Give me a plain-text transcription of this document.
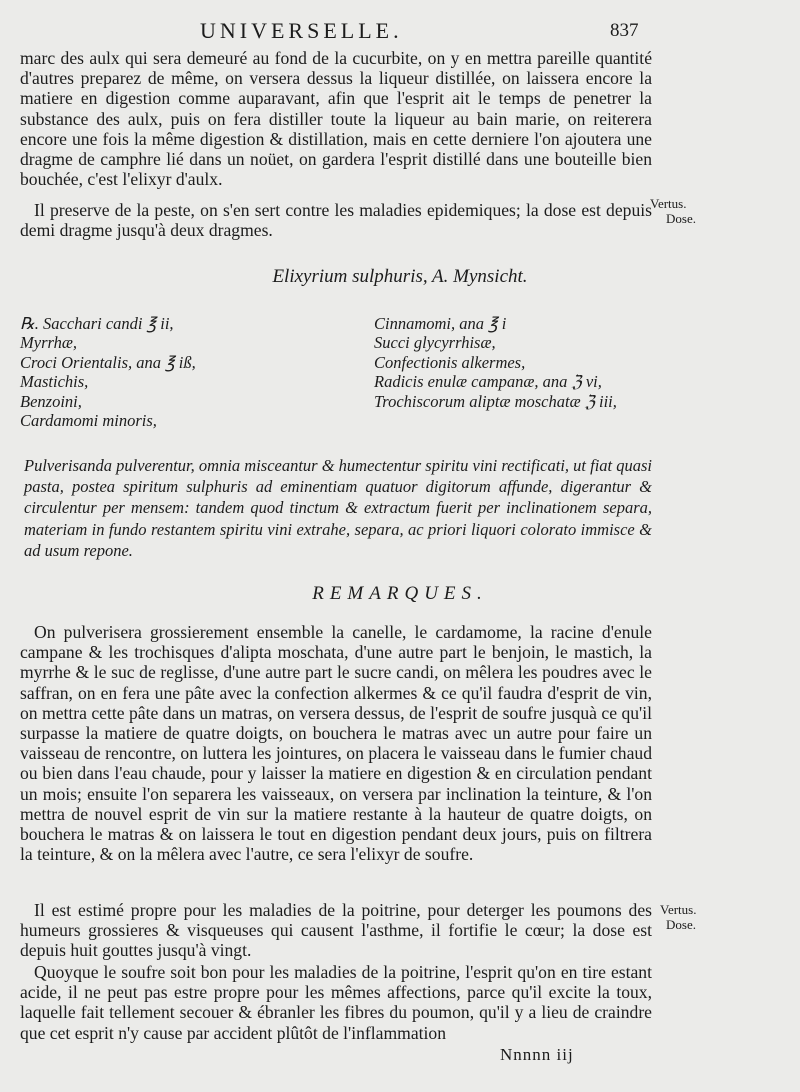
UNIVERSELLE.	837

marc des aulx qui sera demeuré au fond de la cucurbite, on y en mettra pareille quantité d'autres preparez de même, on versera dessus la liqueur distillée, on laissera encore la matiere en digestion comme auparavant, afin que l'esprit ait le temps de penetrer la substance des aulx, puis on fera distiller toute la liqueur au bain marie, on reiterera encore une fois la même digestion & distillation, mais en cette derniere l'on ajoutera une dragme de camphre lié dans un noüet, on gardera l'esprit distillé dans une bouteille bien bouchée, c'est l'elixyr d'aulx.

Il preserve de la peste, on s'en sert contre les maladies epidemiques; la dose est depuis demi dragme jusqu'à deux dragmes.

Vertus.
Dose.
Elixyrium sulphuris, A. Mynsicht.
℞. Sacchari candi ℥ ii,
Myrrhæ,
Croci Orientalis, ana ℥ iß,
Mastichis,
Benzoini,
Cardamomi minoris,
Cinnamomi, ana ℥ i
Succi glycyrrhisæ,
Confectionis alkermes,
Radicis enulæ campanæ, ana ℨ vi,
Trochiscorum aliptæ moschatæ ℨ iii,

Pulverisanda pulverentur, omnia misceantur & humectentur spiritu vini rectificati, ut fiat quasi pasta, postea spiritum sulphuris ad eminentiam quatuor digitorum affunde, digerantur & circulentur per mensem: tandem quod tinctum & extractum fuerit per inclinationem separa, materiam in fundo restantem spiritu vini extrahe, separa, ac priori liquori colorato immisce & ad usum repone.

REMARQUES.

On pulverisera grossierement ensemble la canelle, le cardamome, la racine d'enule campane & les trochisques d'alipta moschata, d'une autre part le benjoin, le mastich, la myrrhe & le suc de reglisse, d'une autre part le sucre candi, on mêlera les poudres avec le saffran, on en fera une pâte avec la confection alkermes & ce qu'il faudra d'esprit de vin, on mettra cette pâte dans un matras, on versera dessus, de l'esprit de soufre jusquà ce qu'il surpasse la matiere de quatre doigts, on bouchera le matras avec un autre pour faire un vaisseau de rencontre, on luttera les jointures, on placera le vaisseau dans le fumier chaud ou bien dans l'eau chaude, pour y laisser la matiere en digestion & en circulation pendant un mois; ensuite l'on separera les vaisseaux, on versera par inclination la teinture, & l'on mettra de nouvel esprit de vin sur la matiere restante à la hauteur de quatre doigts, on bouchera le matras & on laissera le tout en digestion pendant deux jours, puis on filtrera la teinture, & on la mêlera avec l'autre, ce sera l'elixyr de soufre.

Il est estimé propre pour les maladies de la poitrine, pour deterger les poumons des humeurs grossieres & visqueuses qui causent l'asthme, il fortifie le cœur; la dose est depuis huit gouttes jusqu'à vingt.

Vertus.
Dose.

Quoyque le soufre soit bon pour les maladies de la poitrine, l'esprit qu'on en tire estant acide, il ne peut pas estre propre pour les mêmes affections, parce qu'il excite la toux, laquelle fait tellement secouer & ébranler les fibres du poumon, qu'il y a lieu de craindre que cet esprit n'y cause par accident plûtôt de l'inflammation

Nnnnn iij
